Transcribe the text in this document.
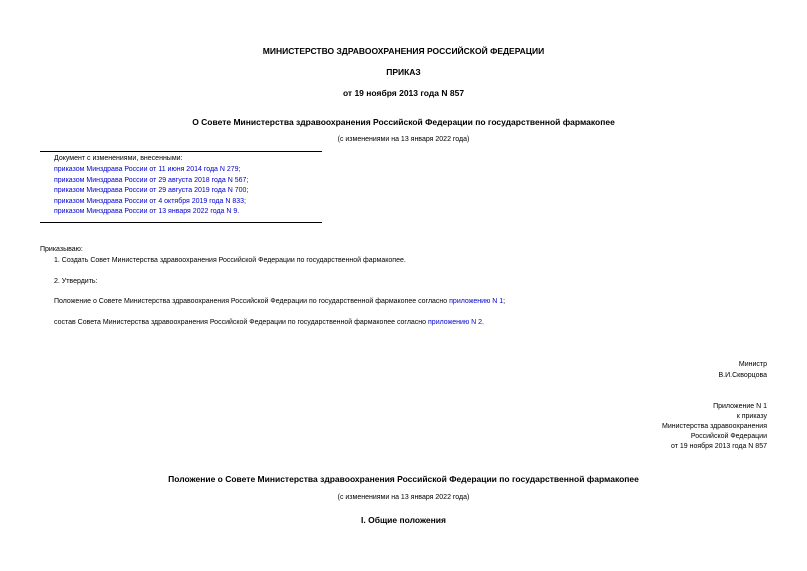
МИНИСТЕРСТВО ЗДРАВООХРАНЕНИЯ РОССИЙСКОЙ ФЕДЕРАЦИИ
ПРИКАЗ
от 19 ноября 2013 года N 857
О Совете Министерства здравоохранения Российской Федерации по государственной фармакопее
(с изменениями на 13 января 2022 года)
Документ с изменениями, внесенными:
приказом Минздрава России от 11 июня 2014 года N 279;
приказом Минздрава России от 29 августа 2018 года N 567;
приказом Минздрава России от 29 августа 2019 года N 700;
приказом Минздрава России от 4 октября 2019 года N 833;
приказом Минздрава России от 13 января 2022 года N 9.
Приказываю:
1. Создать Совет Министерства здравоохранения Российской Федерации по государственной фармакопее.
2. Утвердить:
Положение о Совете Министерства здравоохранения Российской Федерации по государственной фармакопее согласно приложению N 1;
состав Совета Министерства здравоохранения Российской Федерации по государственной фармакопее согласно приложению N 2.
Министр
В.И.Скворцова
Приложение N 1
к приказу
Министерства здравоохранения
Российской Федерации
от 19 ноября 2013 года N 857
Положение о Совете Министерства здравоохранения Российской Федерации по государственной фармакопее
(с изменениями на 13 января 2022 года)
I. Общие положения
